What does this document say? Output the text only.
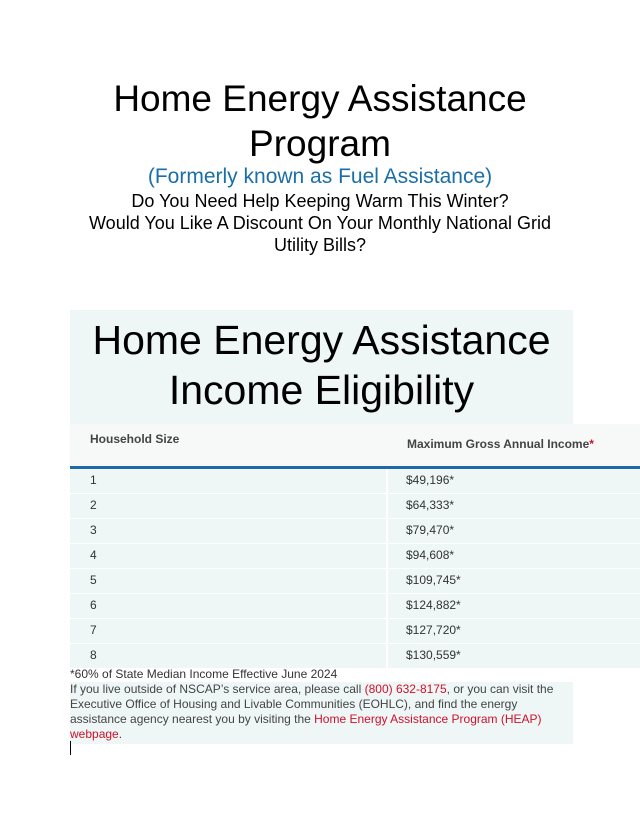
Home Energy Assistance Program
(Formerly known as Fuel Assistance)
Do You Need Help Keeping Warm This Winter?
Would You Like A Discount On Your Monthly National Grid Utility Bills?
Home Energy Assistance Income Eligibility
Household Size	Maximum Gross Annual Income*
1	$49,196*
2	$64,333*
3	$79,470*
4	$94,608*
5	$109,745*
6	$124,882*
7	$127,720*
8	$130,559*
*60% of State Median Income Effective June 2024
If you live outside of NSCAP’s service area, please call (800) 632-8175, or you can visit the Executive Office of Housing and Livable Communities (EOHLC), and find the energy assistance agency nearest you by visiting the Home Energy Assistance Program (HEAP) webpage.
